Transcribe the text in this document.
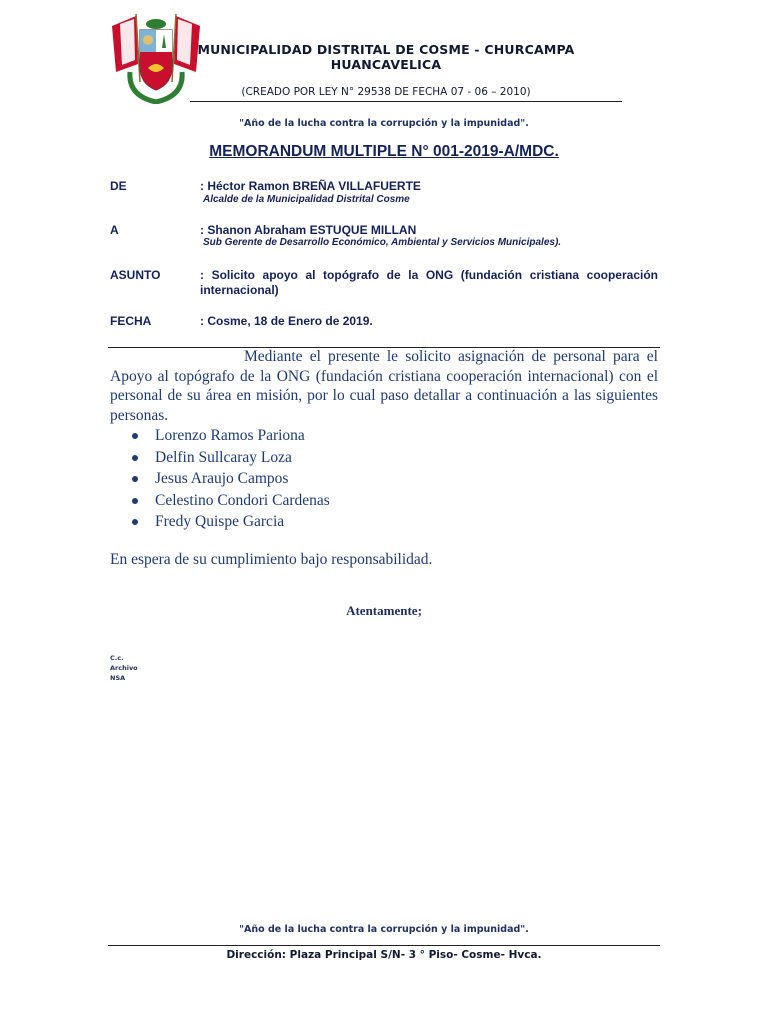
MUNICIPALIDAD DISTRITAL DE COSME - CHURCAMPA
HUANCAVELICA
(CREADO POR LEY N° 29538 DE FECHA 07 - 06 – 2010)
"Año de la lucha contra la corrupción y la impunidad".
MEMORANDUM MULTIPLE N° 001-2019-A/MDC.
DE	: Héctor Ramon BREÑA VILLAFUERTE
Alcalde de la Municipalidad Distrital Cosme
A	: Shanon Abraham ESTUQUE MILLAN
Sub Gerente de Desarrollo Económico, Ambiental y Servicios Municipales).
ASUNTO	: Solicito apoyo al topógrafo de la ONG (fundación cristiana cooperación internacional)
FECHA	: Cosme, 18 de Enero de 2019.
Mediante el presente le solicito asignación de personal para el Apoyo al topógrafo de la ONG (fundación cristiana cooperación internacional) con el personal de su área en misión, por lo cual paso detallar a continuación a las siguientes personas.
Lorenzo Ramos Pariona
Delfin Sullcaray Loza
Jesus Araujo Campos
Celestino Condori Cardenas
Fredy Quispe Garcia
En espera de su cumplimiento bajo responsabilidad.
Atentamente;
C.c.
Archivo
NSA
"Año de la lucha contra la corrupción y la impunidad".
Dirección: Plaza Principal S/N- 3 ° Piso- Cosme- Hvca.
